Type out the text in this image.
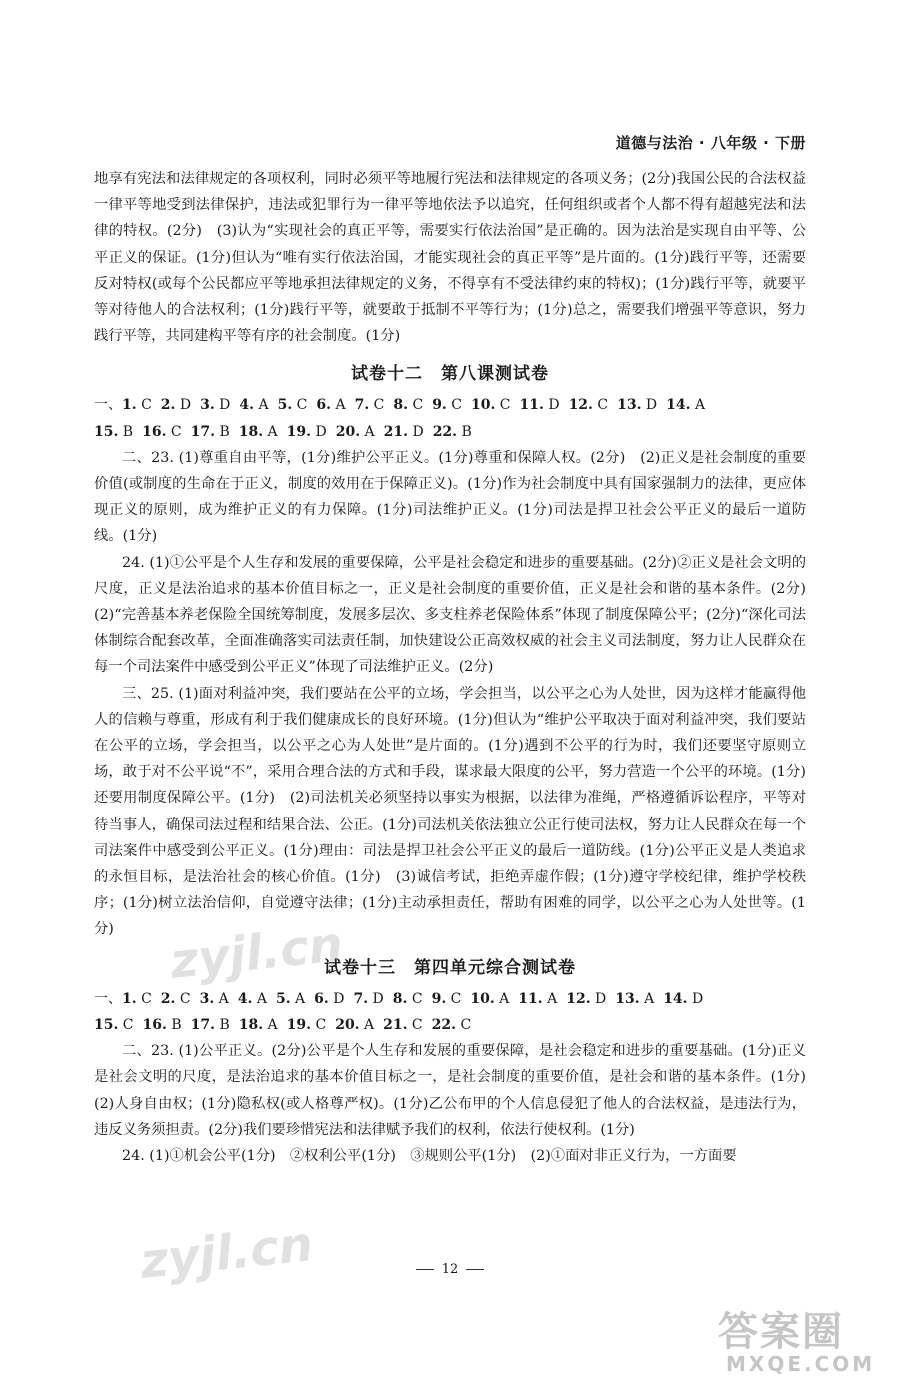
道德与法治 · 八年级 · 下册

地享有宪法和法律规定的各项权利，同时必须平等地履行宪法和法律规定的各项义务；(2分)我国公民的合法权益一律平等地受到法律保护，违法或犯罪行为一律平等地依法予以追究，任何组织或者个人都不得有超越宪法和法律的特权。(2分)　(3)认为“实现社会的真正平等，需要实行依法治国”是正确的。因为法治是实现自由平等、公平正义的保证。(1分)但认为“唯有实行依法治国，才能实现社会的真正平等”是片面的。(1分)践行平等，还需要反对特权(或每个公民都应平等地承担法律规定的义务，不得享有不受法律约束的特权)；(1分)践行平等，就要平等对待他人的合法权利；(1分)践行平等，就要敢于抵制不平等行为；(1分)总之，需要我们增强平等意识，努力践行平等，共同建构平等有序的社会制度。(1分)

试卷十二　第八课测试卷
一、1. C 2. D 3. D 4. A 5. C 6. A 7. C 8. C 9. C 10. C 11. D 12. C 13. D 14. A
15. B 16. C 17. B 18. A 19. D 20. A 21. D 22. B

二、23. (1)尊重自由平等，(1分)维护公平正义。(1分)尊重和保障人权。(2分)　(2)正义是社会制度的重要价值(或制度的生命在于正义，制度的效用在于保障正义)。(1分)作为社会制度中具有国家强制力的法律，更应体现正义的原则，成为维护正义的有力保障。(1分)司法维护正义。(1分)司法是捍卫社会公平正义的最后一道防线。(1分)

24. (1)①公平是个人生存和发展的重要保障，公平是社会稳定和进步的重要基础。(2分)②正义是社会文明的尺度，正义是法治追求的基本价值目标之一，正义是社会制度的重要价值，正义是社会和谐的基本条件。(2分)　(2)“完善基本养老保险全国统筹制度，发展多层次、多支柱养老保险体系”体现了制度保障公平；(2分)“深化司法体制综合配套改革，全面准确落实司法责任制，加快建设公正高效权威的社会主义司法制度，努力让人民群众在每一个司法案件中感受到公平正义”体现了司法维护正义。(2分)

三、25. (1)面对利益冲突，我们要站在公平的立场，学会担当，以公平之心为人处世，因为这样才能赢得他人的信赖与尊重，形成有利于我们健康成长的良好环境。(1分)但认为“维护公平取决于面对利益冲突，我们要站在公平的立场，学会担当，以公平之心为人处世”是片面的。(1分)遇到不公平的行为时，我们还要坚守原则立场，敢于对不公平说“不”，采用合理合法的方式和手段，谋求最大限度的公平，努力营造一个公平的环境。(1分)还要用制度保障公平。(1分)　(2)司法机关必须坚持以事实为根据，以法律为准绳，严格遵循诉讼程序，平等对待当事人，确保司法过程和结果合法、公正。(1分)司法机关依法独立公正行使司法权，努力让人民群众在每一个司法案件中感受到公平正义。(1分)理由：司法是捍卫社会公平正义的最后一道防线。(1分)公平正义是人类追求的永恒目标，是法治社会的核心价值。(1分)　(3)诚信考试，拒绝弄虚作假；(1分)遵守学校纪律，维护学校秩序；(1分)树立法治信仰，自觉遵守法律；(1分)主动承担责任，帮助有困难的同学，以公平之心为人处世等。(1分)

试卷十三　第四单元综合测试卷
一、1. C 2. C 3. A 4. A 5. A 6. D 7. D 8. C 9. C 10. A 11. A 12. D 13. A 14. D
15. C 16. B 17. B 18. A 19. C 20. A 21. C 22. C

二、23. (1)公平正义。(2分)公平是个人生存和发展的重要保障，是社会稳定和进步的重要基础。(1分)正义是社会文明的尺度，是法治追求的基本价值目标之一，是社会制度的重要价值，是社会和谐的基本条件。(1分)　(2)人身自由权；(1分)隐私权(或人格尊严权)。(1分)乙公布甲的个人信息侵犯了他人的合法权益，是违法行为，违反义务须担责。(2分)我们要珍惜宪法和法律赋予我们的权利，依法行使权利。(1分)

24. (1)①机会公平(1分)　②权利公平(1分)　③规则公平(1分)　(2)①面对非正义行为，一方面要

12
zyjl.cn
zyjl.cn
答案圈
MXQE.COM
